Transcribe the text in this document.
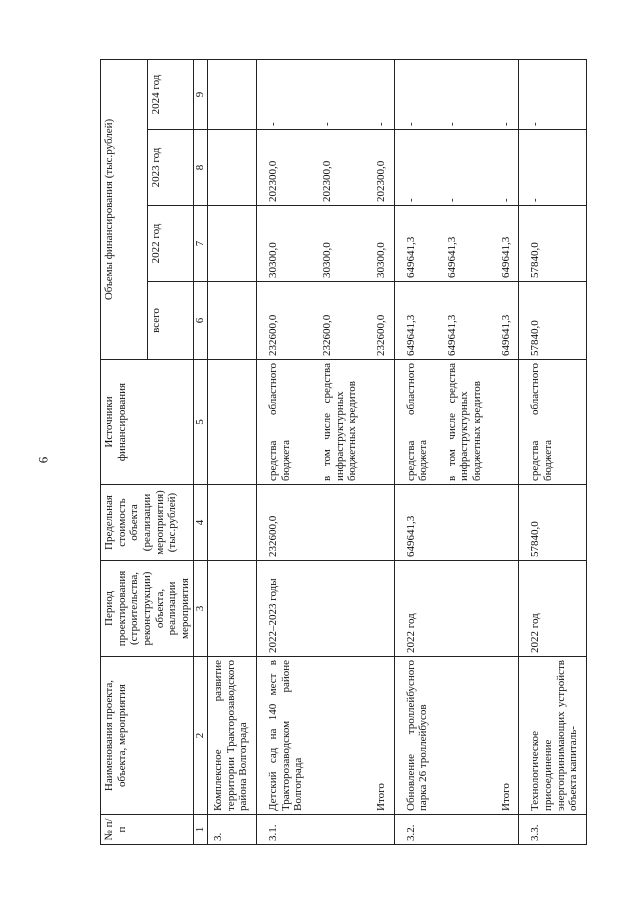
6
№ п/п	Наименования проекта, объекта, мероприятия	Период проектирования (строительства, реконструкции) объекта, реализации мероприятия	Предельная стоимость объекта (реализации мероприятия) (тыс.рублей)	Источники финансирования	Объемы финансирования (тыс.рублей)			
					всего	2022 год	2023 год	2024 год
1	2	3	4	5	6	7	8	9
3.	Комплексное развитие территории Тракторозаводского района Волгограда							
3.1.	Детский сад на 140 мест в Тракторозаводском районе Волгограда	2022–2023 годы	232600,0	средства областного бюджета	232600,0	30300,0	202300,0	-
				в том числе средства инфраструктурных бюджетных кредитов	232600,0	30300,0	202300,0	-
	Итого				232600,0	30300,0	202300,0	-
3.2.	Обновление троллейбусного парка 26 троллейбусов	2022 год	649641,3	средства областного бюджета	649641,3	649641,3	-	-
				в том числе средства инфраструктурных бюджетных кредитов	649641,3	649641,3	-	-
	Итого				649641,3	649641,3	-	-
3.3.	Технологическое присоединение энергопринимающих устройств объекта капиталь-	2022 год	57840,0	средства областного бюджета	57840,0	57840,0	-	-
